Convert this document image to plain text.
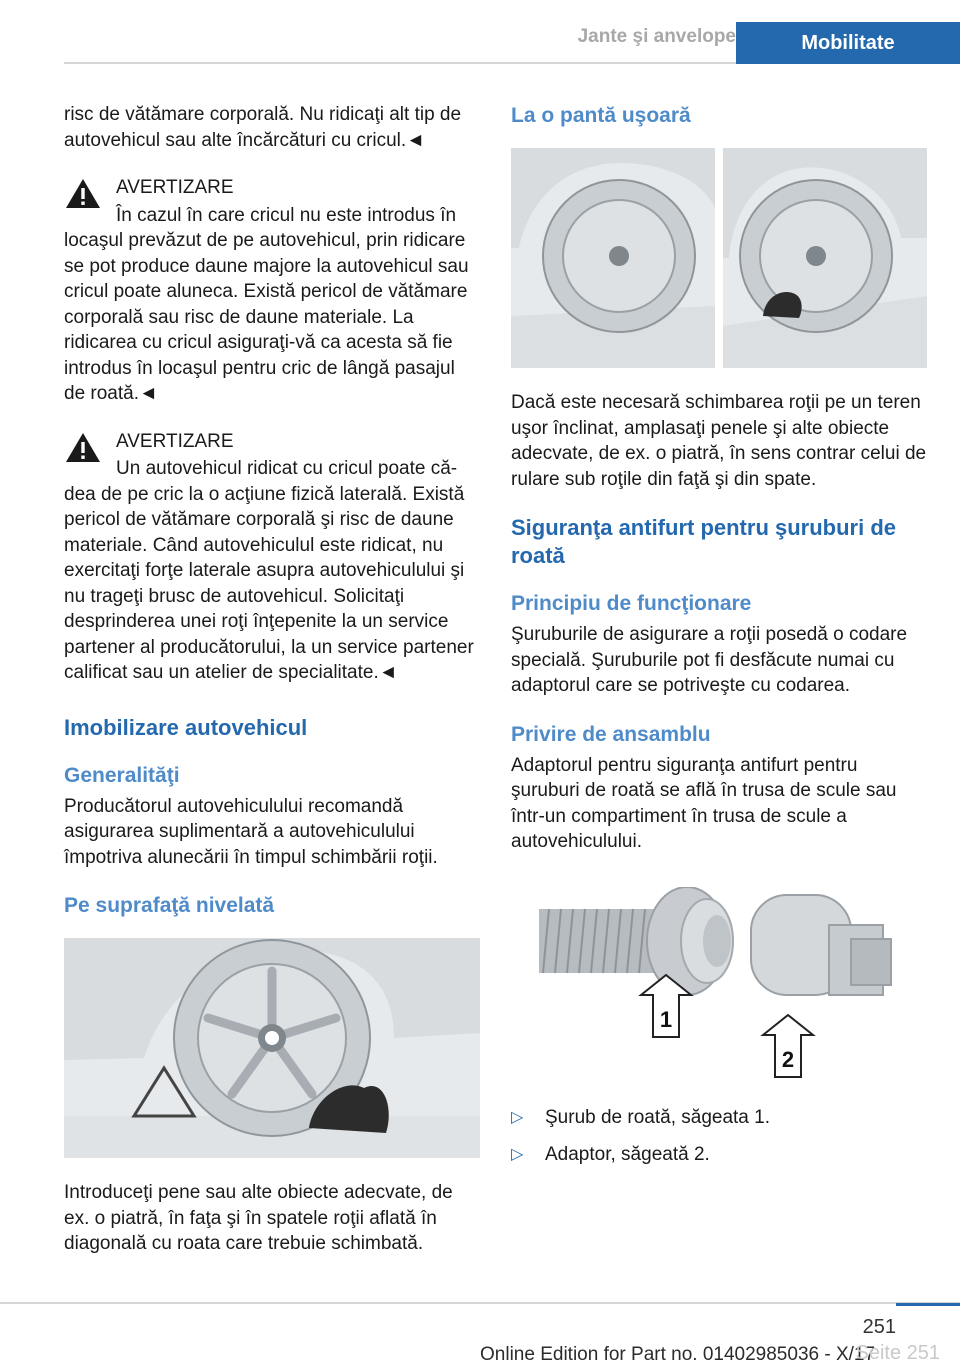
Jante şi anvelope	Mobilitate

risc de vătămare corporală. Nu ridicaţi alt tip de autovehicul sau alte încărcături cu cricul.◄

AVERTIZARE
În cazul în care cricul nu este introdus în
locaşul prevăzut de pe autovehicul, prin ridicare se pot produce daune majore la autovehicul sau cricul poate aluneca. Există pericol de vătămare corporală sau risc de daune materiale. La ridicarea cu cricul asiguraţi-vă ca acesta să fie introdus în locaşul pentru cric de lângă pasajul de roată.◄
AVERTIZARE
Un autovehicul ridicat cu cricul poate că-
dea de pe cric la o acţiune fizică laterală. Există pericol de vătămare corporală şi risc de daune materiale. Când autovehiculul este ridicat, nu exercitaţi forţe laterale asupra autovehiculului şi nu trageţi brusc de autovehicul. Solicitaţi desprinderea unei roţi înţepenite la un service partener al producătorului, la un service partener calificat sau un atelier de specialitate.◄
Imobilizare autovehicul
Generalităţi

Producătorul autovehiculului recomandă asigurarea suplimentară a autovehiculului împotriva alunecării în timpul schimbării roţii.

Pe suprafaţă nivelată

Introduceţi pene sau alte obiecte adecvate, de ex. o piatră, în faţa şi în spatele roţii aflată în diagonală cu roata care trebuie schimbată.

La o pantă uşoară

Dacă este necesară schimbarea roţii pe un teren uşor înclinat, amplasaţi penele şi alte obiecte adecvate, de ex. o piatră, în sens contrar celui de rulare sub roţile din faţă şi din spate.

Siguranţa antifurt pentru şuruburi de roată
Principiu de funcţionare

Şuruburile de asigurare a roţii posedă o codare specială. Şuruburile pot fi desfăcute numai cu adaptorul care se potriveşte cu codarea.

Privire de ansamblu

Adaptorul pentru siguranţa antifurt pentru şuruburi de roată se află în trusa de scule sau într-un compartiment în trusa de scule a autovehiculului.

1
2
▷ Şurub de roată, săgeata 1.
▷ Adaptor, săgeată 2.
251
Online Edition for Part no. 01402985036 - X/17
Seite 251
